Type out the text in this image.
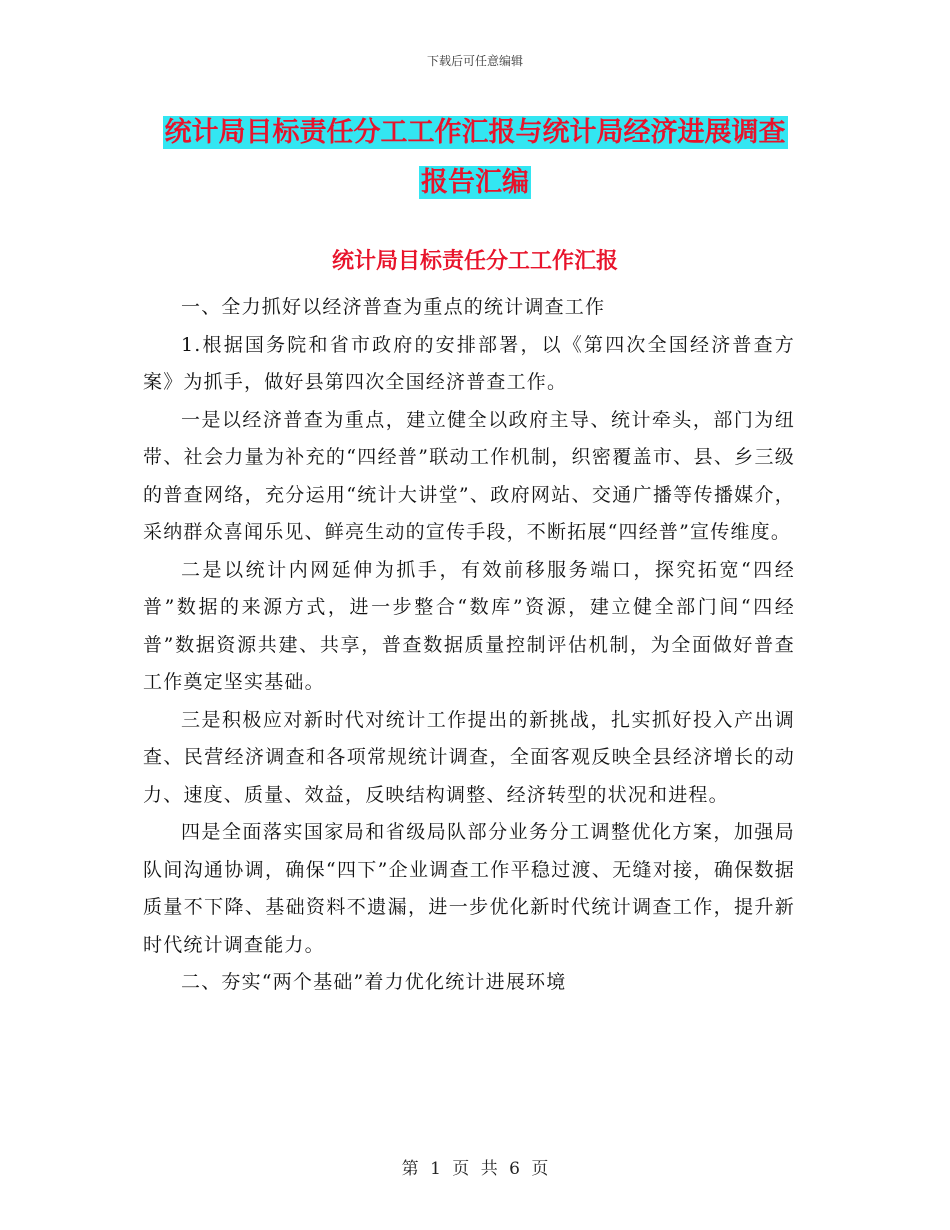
下载后可任意编辑
统计局目标责任分工工作汇报与统计局经济进展调查
报告汇编
统计局目标责任分工工作汇报

一、全力抓好以经济普查为重点的统计调查工作

1.根据国务院和省市政府的安排部署，以《第四次全国经济普查方案》为抓手，做好县第四次全国经济普查工作。

一是以经济普查为重点，建立健全以政府主导、统计牵头，部门为纽带、社会力量为补充的“四经普”联动工作机制，织密覆盖市、县、乡三级的普查网络，充分运用“统计大讲堂”、政府网站、交通广播等传播媒介，采纳群众喜闻乐见、鲜亮生动的宣传手段，不断拓展“四经普”宣传维度。

二是以统计内网延伸为抓手，有效前移服务端口，探究拓宽“四经普”数据的来源方式，进一步整合“数库”资源，建立健全部门间“四经普”数据资源共建、共享，普查数据质量控制评估机制，为全面做好普查工作奠定坚实基础。

三是积极应对新时代对统计工作提出的新挑战，扎实抓好投入产出调查、民营经济调查和各项常规统计调查，全面客观反映全县经济增长的动力、速度、质量、效益，反映结构调整、经济转型的状况和进程。

四是全面落实国家局和省级局队部分业务分工调整优化方案，加强局队间沟通协调，确保“四下”企业调查工作平稳过渡、无缝对接，确保数据质量不下降、基础资料不遗漏，进一步优化新时代统计调查工作，提升新时代统计调查能力。

二、夯实“两个基础”着力优化统计进展环境

第 1 页 共 6 页
